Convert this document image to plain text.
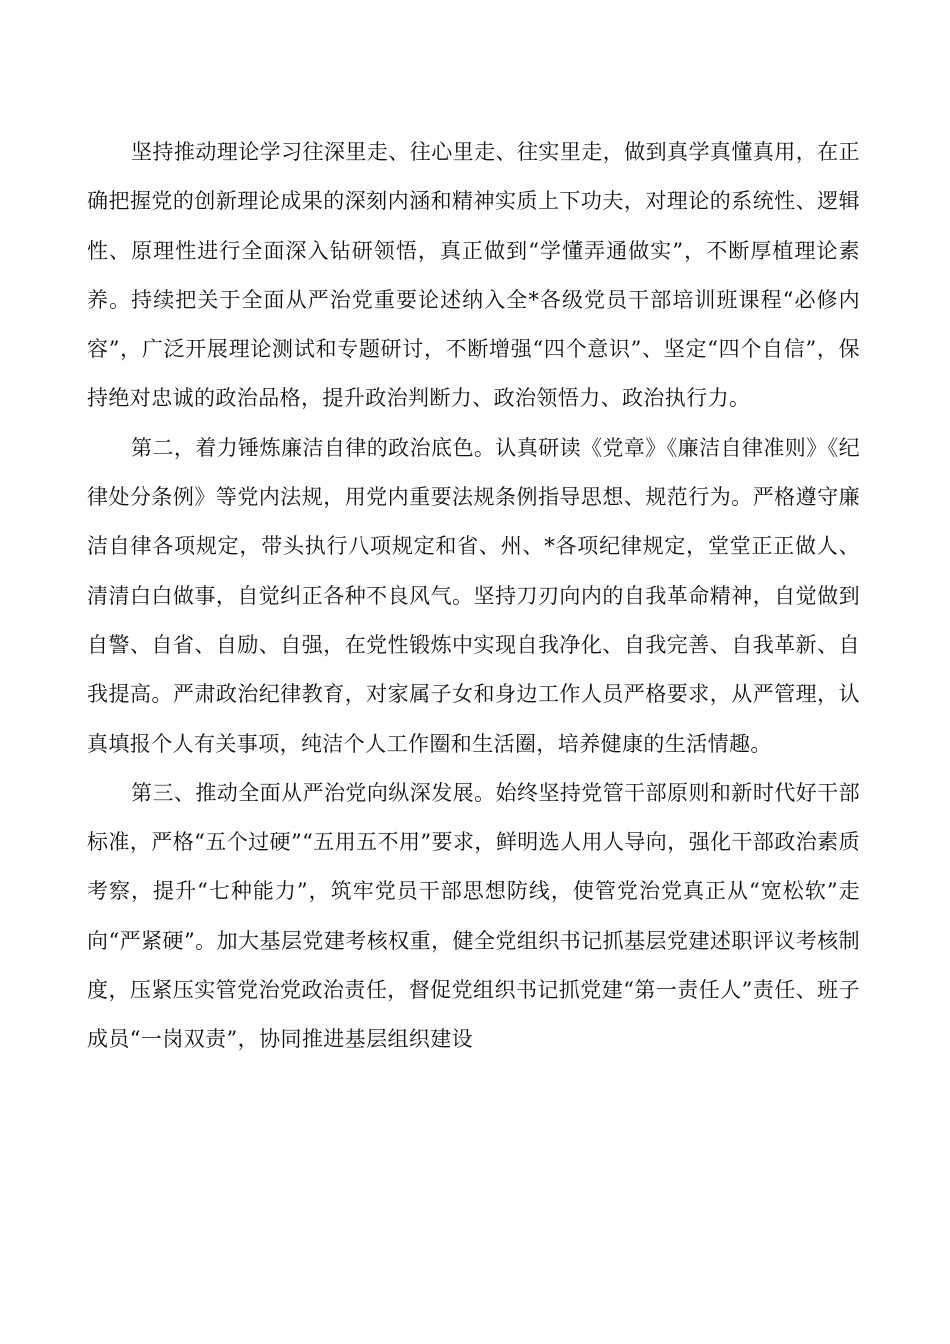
坚持推动理论学习往深里走、往心里走、往实里走，做到真学真懂真用，在正确把握党的创新理论成果的深刻内涵和精神实质上下功夫，对理论的系统性、逻辑性、原理性进行全面深入钻研领悟，真正做到“学懂弄通做实”，不断厚植理论素养。持续把关于全面从严治党重要论述纳入全*各级党员干部培训班课程“必修内容”，广泛开展理论测试和专题研讨，不断增强“四个意识”、坚定“四个自信”，保持绝对忠诚的政治品格，提升政治判断力、政治领悟力、政治执行力。

第二，着力锤炼廉洁自律的政治底色。认真研读《党章》《廉洁自律准则》《纪律处分条例》等党内法规，用党内重要法规条例指导思想、规范行为。严格遵守廉洁自律各项规定，带头执行八项规定和省、州、*各项纪律规定，堂堂正正做人、清清白白做事，自觉纠正各种不良风气。坚持刀刃向内的自我革命精神，自觉做到自警、自省、自励、自强，在党性锻炼中实现自我净化、自我完善、自我革新、自我提高。严肃政治纪律教育，对家属子女和身边工作人员严格要求，从严管理，认真填报个人有关事项，纯洁个人工作圈和生活圈，培养健康的生活情趣。

第三、推动全面从严治党向纵深发展。始终坚持党管干部原则和新时代好干部标准，严格“五个过硬”“五用五不用”要求，鲜明选人用人导向，强化干部政治素质考察，提升“七种能力”，筑牢党员干部思想防线，使管党治党真正从“宽松软”走向“严紧硬”。加大基层党建考核权重，健全党组织书记抓基层党建述职评议考核制度，压紧压实管党治党政治责任，督促党组织书记抓党建“第一责任人”责任、班子成员“一岗双责”，协同推进基层组织建设
